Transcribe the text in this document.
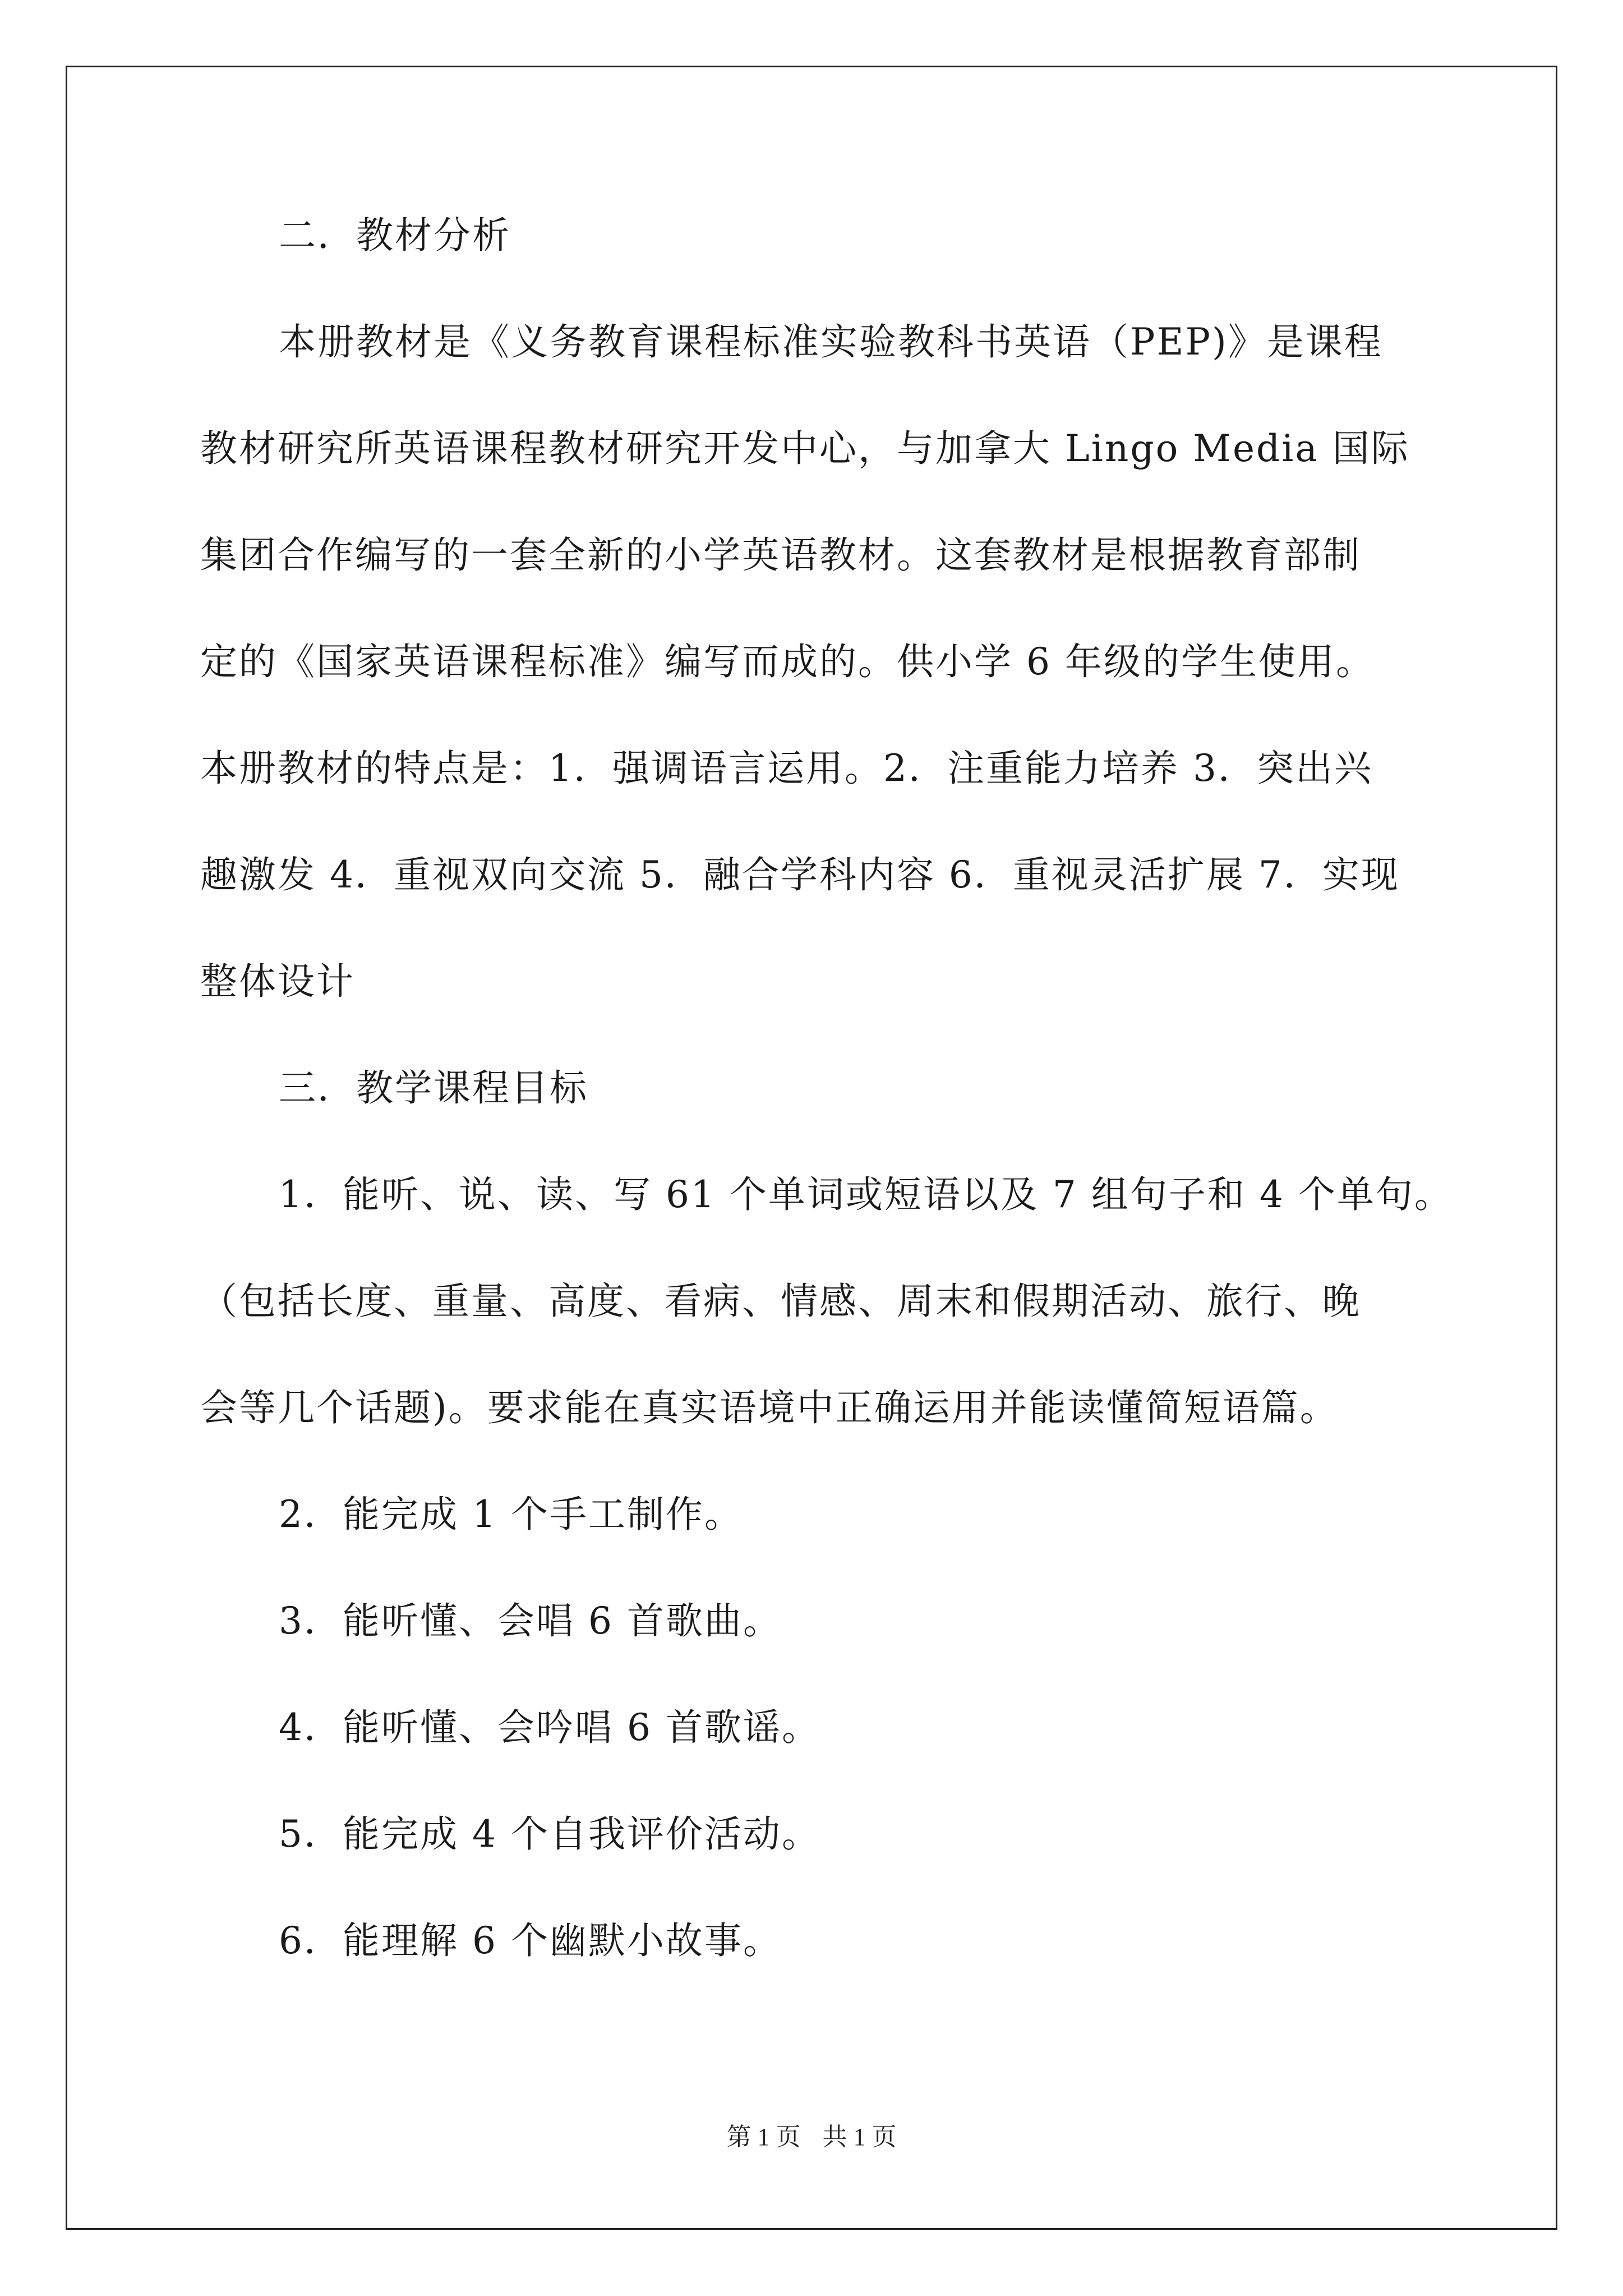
二．教材分析
本册教材是《义务教育课程标准实验教科书英语（PEP)》是课程
教材研究所英语课程教材研究开发中心，与加拿大 Lingo Media 国际
集团合作编写的一套全新的小学英语教材。这套教材是根据教育部制
定的《国家英语课程标准》编写而成的。供小学 6 年级的学生使用。
本册教材的特点是：1．强调语言运用。2．注重能力培养 3．突出兴
趣激发 4．重视双向交流 5．融合学科内容 6．重视灵活扩展 7．实现
整体设计
三．教学课程目标
1．能听、说、读、写 61 个单词或短语以及 7 组句子和 4 个单句。
（包括长度、重量、高度、看病、情感、周末和假期活动、旅行、晚
会等几个话题)。要求能在真实语境中正确运用并能读懂简短语篇。
2．能完成 1 个手工制作。
3．能听懂、会唱 6 首歌曲。
4．能听懂、会吟唱 6 首歌谣。
5．能完成 4 个自我评价活动。
6．能理解 6 个幽默小故事。
第 1 页 共 1 页
